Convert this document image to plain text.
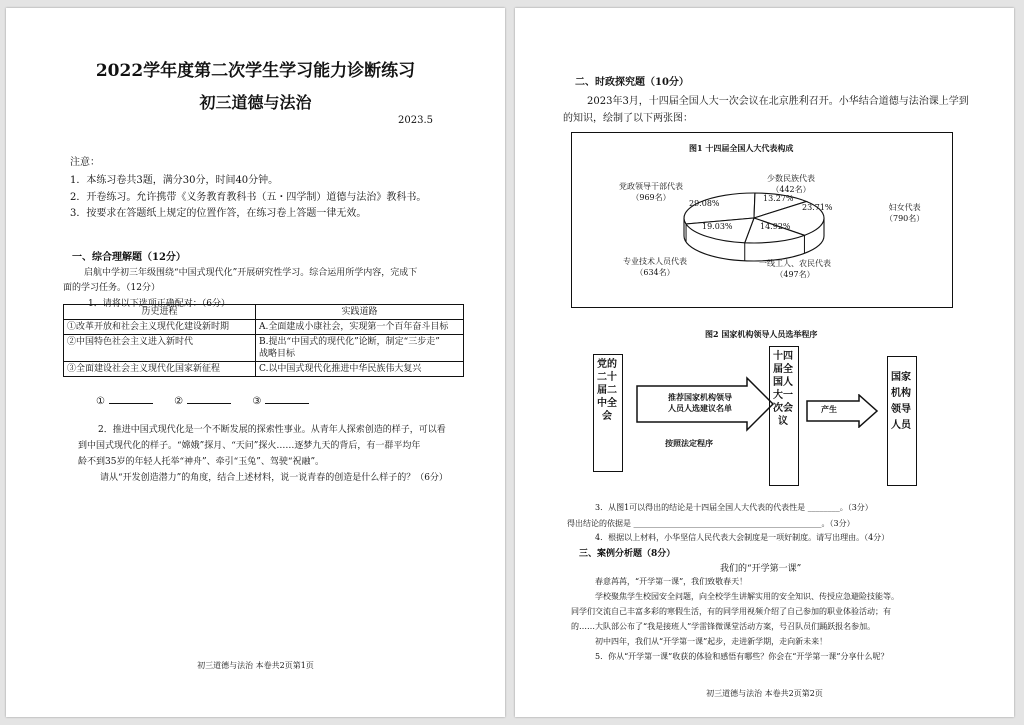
2022学年度第二次学生学习能力诊断练习
初三道德与法治
2023.5
注意：
1．本练习卷共3题，满分30分，时间40分钟。
2．开卷练习。允许携带《义务教育教科书（五・四学制）道德与法治》教科书。
3．按要求在答题纸上规定的位置作答，在练习卷上答题一律无效。
一、综合理解题（12分）
启航中学初三年级围绕“中国式现代化”开展研究性学习。综合运用所学内容，完成下
面的学习任务。（12分）
1．请将以下选项正确配对：（6分）
历史进程	实践道路
①改革开放和社会主义现代化建设新时期	A.全面建成小康社会，实现第一个百年奋斗目标
②中国特色社会主义进入新时代	B.提出“中国式的现代化”论断，制定“三步走”
战略目标
③全面建设社会主义现代化国家新征程	C.以中国式现代化推进中华民族伟大复兴
①	②	③
2．推进中国式现代化是一个不断发展的探索性事业。从青年人探索创造的样子，可以看
到中国式现代化的样子。“嫦娥”探月、“天问”探火……逐梦九天的背后，有一群平均年
龄不到35岁的年轻人托举“神舟”、牵引“玉兔”、驾驶“祝融”。
请从“开发创造潜力”的角度，结合上述材料，说一说青春的创造是什么样子的？（6分）
初三道德与法治 本卷共2页第1页
二、时政探究题（10分）
2023年3月，十四届全国人大一次会议在北京胜利召开。小华结合道德与法治课上学到
的知识，绘制了以下两张图：
图1 十四届全国人大代表构成
党政领导干部代表
（969名）
少数民族代表
（442名）
妇女代表
（790名）
专业技术人员代表
（634名）
一线工人、农民代表
（497名）
29.08%
13.27%
23.71%
14.92%
19.03%
图2 国家机构领导人员选举程序
党的二十届二中全会
推荐国家机构领导
人员人选建议名单
按照法定程序
十四届全国人大一次会议
产生
国家机构领导人员
3．从图1可以得出的结论是十四届全国人大代表的代表性是 ________。（3分）
得出结论的依据是 _______________________________________________。（3分）
4．根据以上材料，小华坚信人民代表大会制度是一项好制度。请写出理由。（4分）
三、案例分析题（8分）
我们的“开学第一课”
春意苒苒，“开学第一课”，我们致敬春天！
学校聚焦学生校园安全问题，向全校学生讲解实用的安全知识、传授应急避险技能等。
同学们交流自己丰富多彩的寒假生活，有的同学用视频介绍了自己参加的职业体验活动；有
的……大队部公布了“我是接班人”学雷锋微课堂活动方案，号召队员们踊跃报名参加。
初中四年，我们从“开学第一课”起步，走进新学期，走向新未来！
5．你从“开学第一课”收获的体验和感悟有哪些？你会在“开学第一课”分享什么呢？
初三道德与法治 本卷共2页第2页
